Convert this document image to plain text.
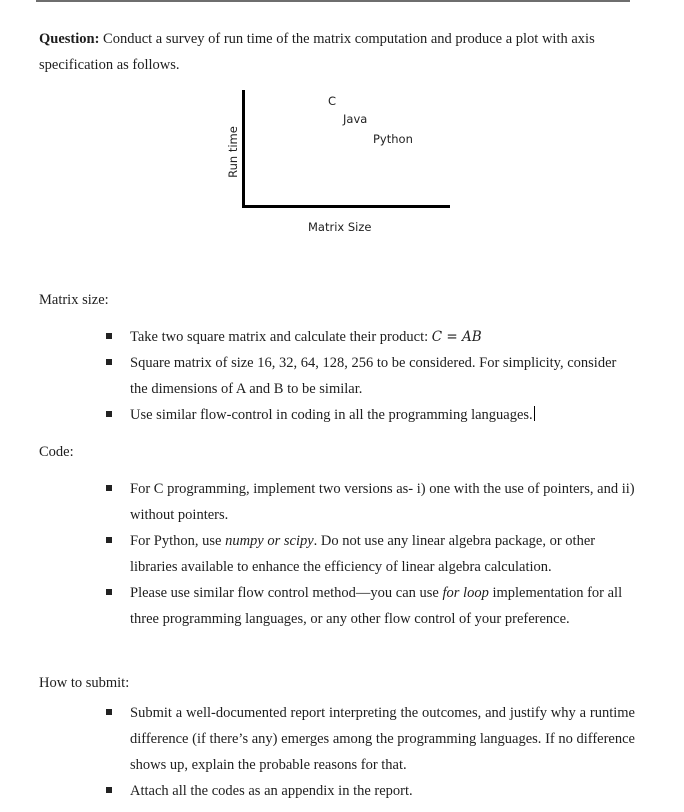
Question: Conduct a survey of run time of the matrix computation and produce a plot with axis specification as follows.
Run time
Matrix Size
C
Java
Python
Matrix size:
Take two square matrix and calculate their product: C = AB
Square matrix of size 16, 32, 64, 128, 256 to be considered. For simplicity, consider the dimensions of A and B to be similar.
Use similar flow-control in coding in all the programming languages.
Code:
For C programming, implement two versions as- i) one with the use of pointers, and ii) without pointers.
For Python, use numpy or scipy. Do not use any linear algebra package, or other libraries available to enhance the efficiency of linear algebra calculation.
Please use similar flow control method—you can use for loop implementation for all three programming languages, or any other flow control of your preference.
How to submit:
Submit a well-documented report interpreting the outcomes, and justify why a runtime difference (if there’s any) emerges among the programming languages. If no difference shows up, explain the probable reasons for that.
Attach all the codes as an appendix in the report.
